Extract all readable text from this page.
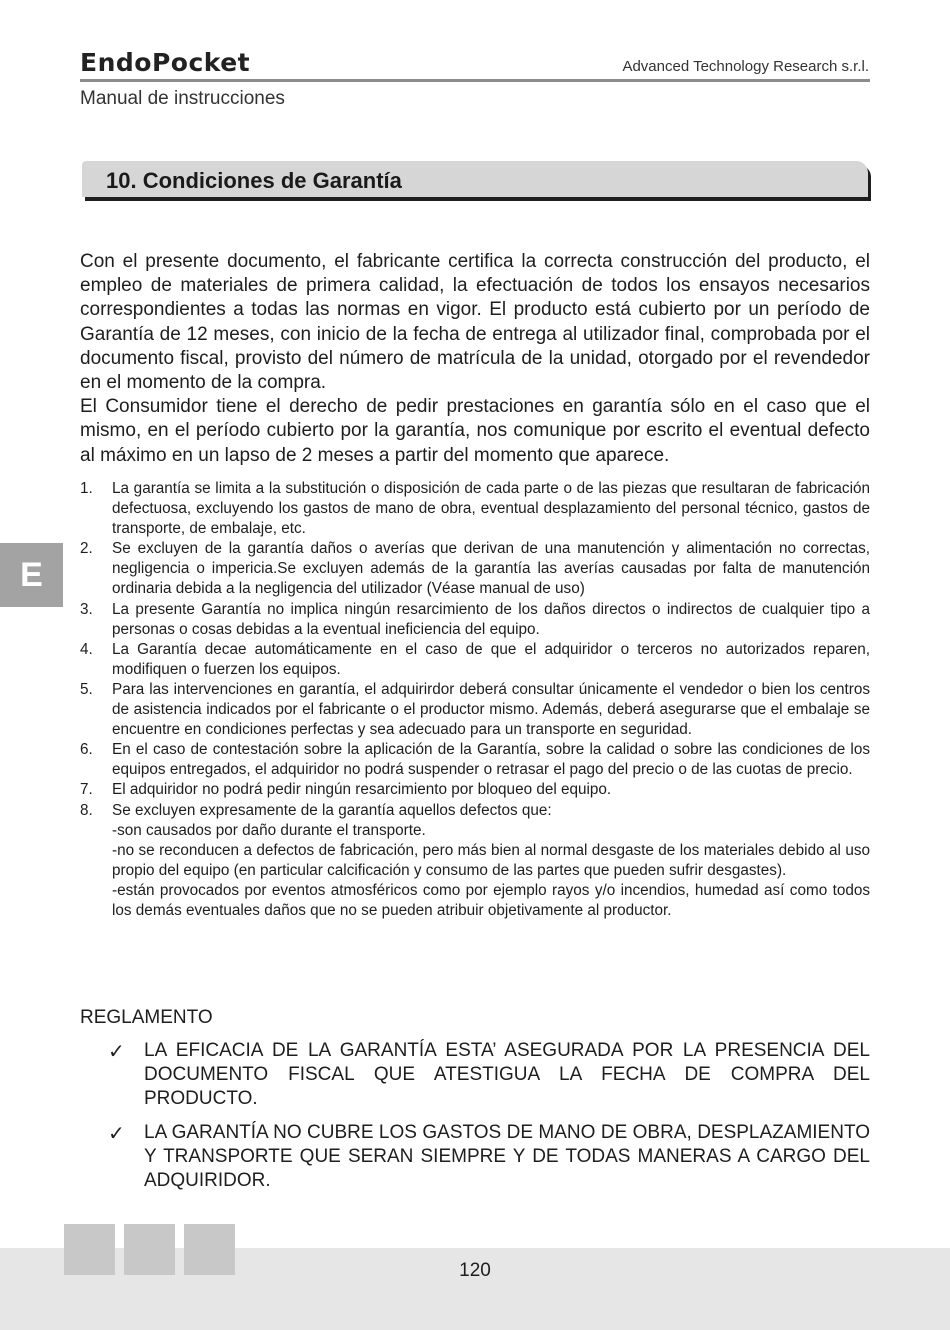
EndoPocket	Advanced Technology Research s.r.l.
Manual de instrucciones
10. Condiciones de Garantía

Con el presente documento, el fabricante certifica la correcta construcción del producto, el empleo de materiales de primera calidad, la efectuación de todos los ensayos necesarios correspondientes a todas las normas en vigor. El producto está cubierto por un período de Garantía de 12 meses, con inicio de la fecha de entrega al utilizador final, comprobada por el documento fiscal, provisto del número de matrícula de la unidad, otorgado por el revendedor en el momento de la compra.

El Consumidor tiene el derecho de pedir prestaciones en garantía sólo en el caso que el mismo, en el período cubierto por la garantía, nos comunique por escrito el eventual defecto al máximo en un lapso de 2 meses a partir del momento que aparece.

1. La garantía se limita a la substitución o disposición de cada parte o de las piezas que resultaran de fabricación defectuosa, excluyendo los gastos de mano de obra, eventual desplazamiento del personal técnico, gastos de transporte, de embalaje, etc.
2. Se excluyen de la garantía daños o averías que derivan de una manutención y alimentación no correctas, negligencia o impericia.Se excluyen además de la garantía las averías causadas por falta de manutención ordinaria debida a la negligencia del utilizador (Véase manual de uso)
3. La presente Garantía no implica ningún resarcimiento de los daños directos o indirectos de cualquier tipo a personas o cosas debidas a la eventual ineficiencia del equipo.
4. La Garantía decae automáticamente en el caso de que el adquiridor o terceros no autorizados reparen, modifiquen o fuerzen los equipos.
5. Para las intervenciones en garantía, el adquirirdor deberá consultar únicamente el vendedor o bien los centros de asistencia indicados por el fabricante o el productor mismo. Además, deberá asegurarse que el embalaje se encuentre en condiciones perfectas y sea adecuado para un transporte en seguridad.
6. En el caso de contestación sobre la aplicación de la Garantía, sobre la calidad o sobre las condiciones de los equipos entregados, el adquiridor no podrá suspender o retrasar el pago del precio o de las cuotas de precio.
7. El adquiridor no podrá pedir ningún resarcimiento por bloqueo del equipo.
8. Se excluyen expresamente de la garantía aquellos defectos que:
-son causados por daño durante el transporte.
-no se reconducen a defectos de fabricación, pero más bien al normal desgaste de los materiales debido al uso propio del equipo (en particular calcificación y consumo de las partes que pueden sufrir desgastes).
-están provocados por eventos atmosféricos como por ejemplo rayos y/o incendios, humedad así como todos los demás eventuales daños que no se pueden atribuir objetivamente al productor.
REGLAMENTO
✓ LA EFICACIA DE LA GARANTÍA ESTA’ ASEGURADA POR LA PRESENCIA DEL DOCUMENTO FISCAL QUE ATESTIGUA LA FECHA DE COMPRA DEL PRODUCTO.
✓ LA GARANTÍA NO CUBRE LOS GASTOS DE MANO DE OBRA, DESPLAZAMIENTO Y TRANSPORTE QUE SERAN SIEMPRE Y DE TODAS MANERAS A CARGO DEL ADQUIRIDOR.
E
120
